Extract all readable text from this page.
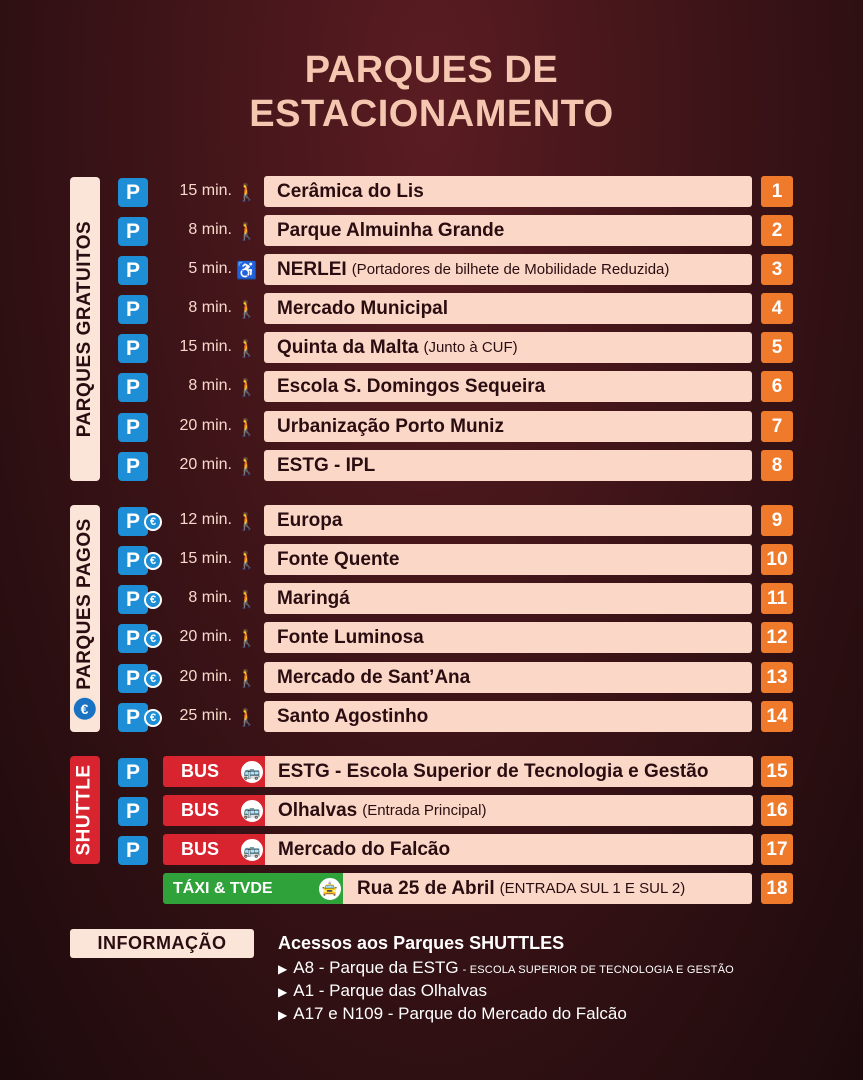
PARQUES DE
ESTACIONAMENTO
PARQUES GRATUITOS
€PARQUES PAGOS
SHUTTLE
P	15 min. 🚶 Cerâmica do Lis	1
P	8 min. 🚶 Parque Almuinha Grande	2
P	5 min. ♿ NERLEI (Portadores de bilhete de Mobilidade Reduzida)	3
P	8 min. 🚶 Mercado Municipal	4
P	15 min. 🚶 Quinta da Malta (Junto à CUF)	5
P	8 min. 🚶 Escola S. Domingos Sequeira	6
P	20 min. 🚶 Urbanização Porto Muniz	7
P	20 min. 🚶 ESTG - IPL	8
P €	12 min. 🚶 Europa	9
P €	15 min. 🚶 Fonte Quente	10
P €	8 min. 🚶 Maringá	11
P €	20 min. 🚶 Fonte Luminosa	12
P €	20 min. 🚶 Mercado de Sant’Ana	13
P €	25 min. 🚶 Santo Agostinho	14
P	BUS	🚌 ESTG - Escola Superior de Tecnologia e Gestão	15
P	BUS	🚌 Olhalvas (Entrada Principal)	16
P	BUS	🚌 Mercado do Falcão	17
TÁXI & TVDE	🚖 Rua 25 de Abril (ENTRADA SUL 1 E SUL 2)	18
INFORMAÇÃO	Acessos aos Parques SHUTTLES
▶ A8 - Parque da ESTG - ESCOLA SUPERIOR DE TECNOLOGIA E GESTÃO
▶ A1 - Parque das Olhalvas
▶ A17 e N109 - Parque do Mercado do Falcão
